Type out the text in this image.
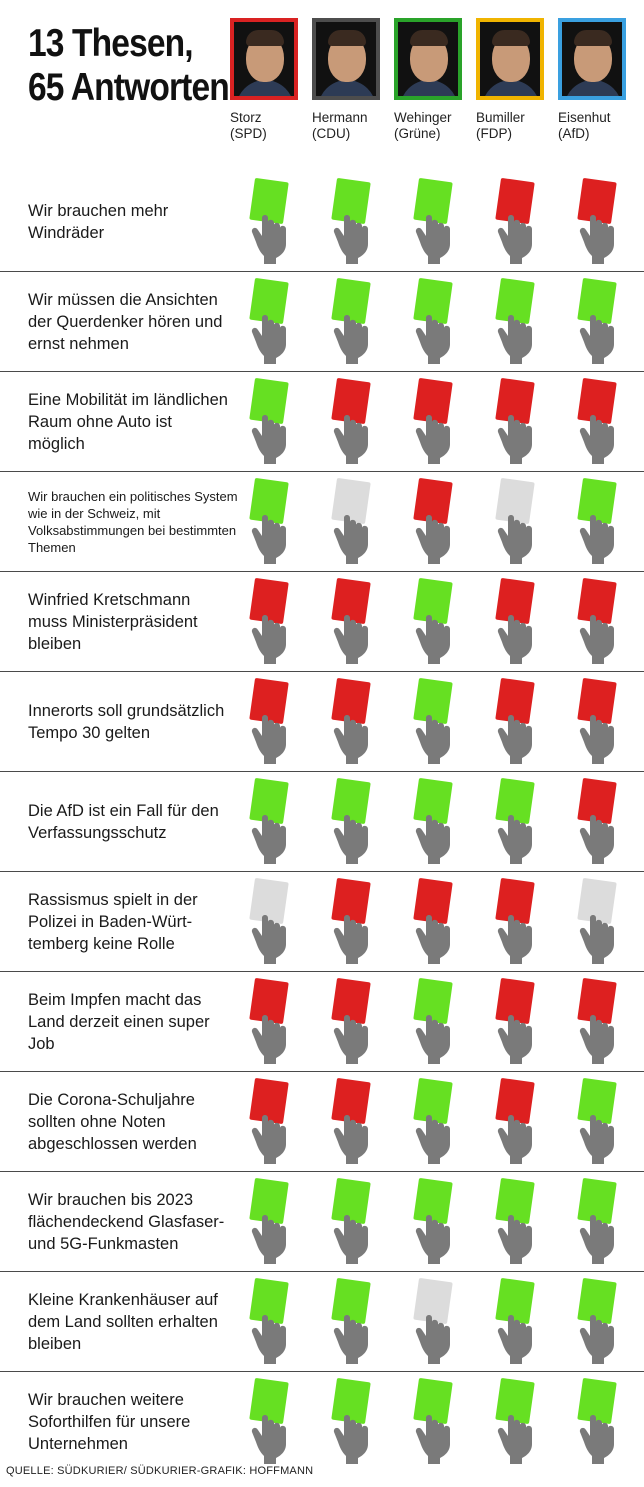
13 Thesen,
65 Antworten
Storz
(SPD)
Hermann
(CDU)
Wehinger
(Grüne)
Bumiller
(FDP)
Eisenhut
(AfD)
Wir brauchen mehr Windräder
Wir müssen die Ansichten der Querdenker hören und ernst nehmen
Eine Mobilität im ländlichen Raum ohne Auto ist möglich
Wir brauchen ein politisches System wie in der Schweiz, mit Volksabstimmungen bei bestimmten Themen
Winfried Kretschmann muss Ministerpräsident bleiben
Innerorts soll grundsätzlich Tempo 30 gelten
Die AfD ist ein Fall für den Verfassungsschutz
Rassismus spielt in der Polizei in Baden-Würt-temberg keine Rolle
Beim Impfen macht das Land derzeit einen super Job
Die Corona-Schuljahre sollten ohne Noten abgeschlossen werden
Wir brauchen bis 2023 flächendeckend Glasfaser- und 5G-Funkmasten
Kleine Krankenhäuser auf dem Land sollten erhalten bleiben
Wir brauchen weitere Soforthilfen für unsere Unternehmen
QUELLE: SÜDKURIER/ SÜDKURIER-GRAFIK: HOFFMANN
